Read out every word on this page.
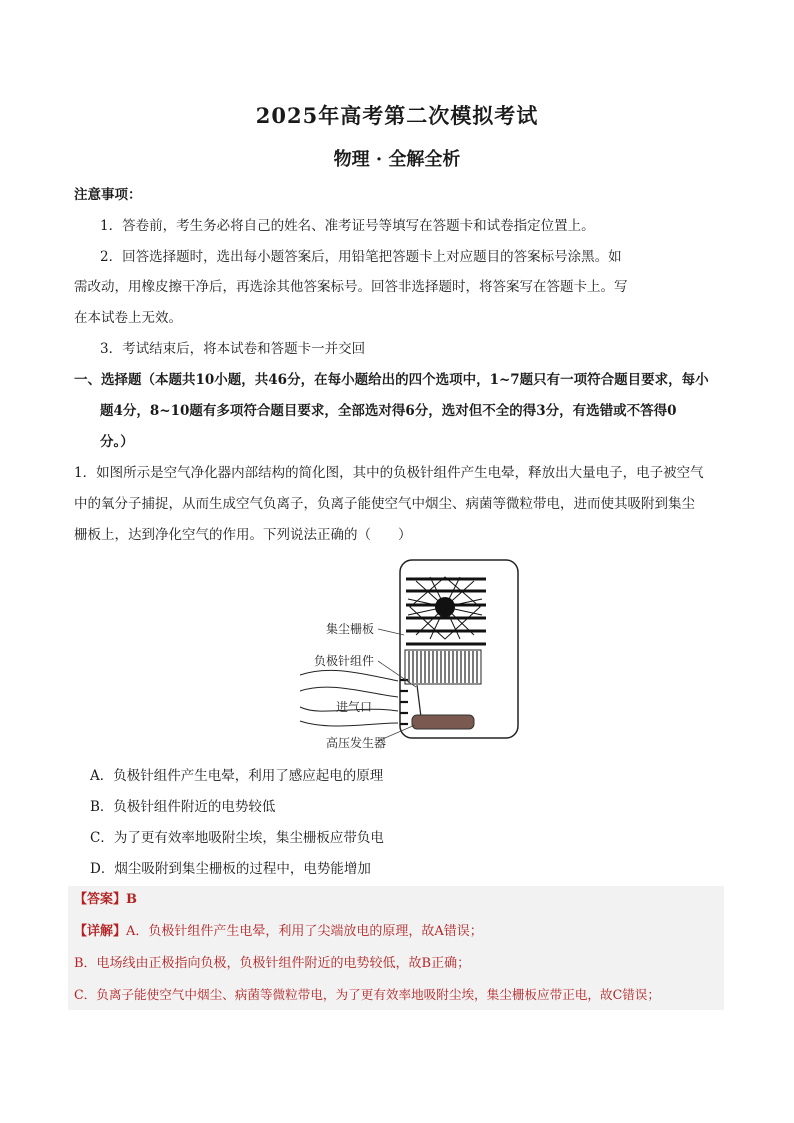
2025年高考第二次模拟考试
物理 · 全解全析
注意事项：
1．答卷前，考生务必将自己的姓名、准考证号等填写在答题卡和试卷指定位置上。
2．回答选择题时，选出每小题答案后，用铅笔把答题卡上对应题目的答案标号涂黑。如
需改动，用橡皮擦干净后，再选涂其他答案标号。回答非选择题时，将答案写在答题卡上。写
在本试卷上无效。
3．考试结束后，将本试卷和答题卡一并交回
一、选择题（本题共10小题，共46分，在每小题给出的四个选项中，1~7题只有一项符合题目要求，每小
题4分，8~10题有多项符合题目要求，全部选对得6分，选对但不全的得3分，有选错或不答得0
分。）
1．如图所示是空气净化器内部结构的简化图，其中的负极针组件产生电晕，释放出大量电子，电子被空气
中的氧分子捕捉，从而生成空气负离子，负离子能使空气中烟尘、病菌等微粒带电，进而使其吸附到集尘
栅板上，达到净化空气的作用。下列说法正确的（　　）
集尘栅板
负极针组件
进气口
高压发生器
A．负极针组件产生电晕，利用了感应起电的原理
B．负极针组件附近的电势较低
C．为了更有效率地吸附尘埃，集尘栅板应带负电
D．烟尘吸附到集尘栅板的过程中，电势能增加
【答案】B
【详解】A．负极针组件产生电晕，利用了尖端放电的原理，故A错误；
B．电场线由正极指向负极，负极针组件附近的电势较低，故B正确；
C．负离子能使空气中烟尘、病菌等微粒带电，为了更有效率地吸附尘埃，集尘栅板应带正电，故C错误；
